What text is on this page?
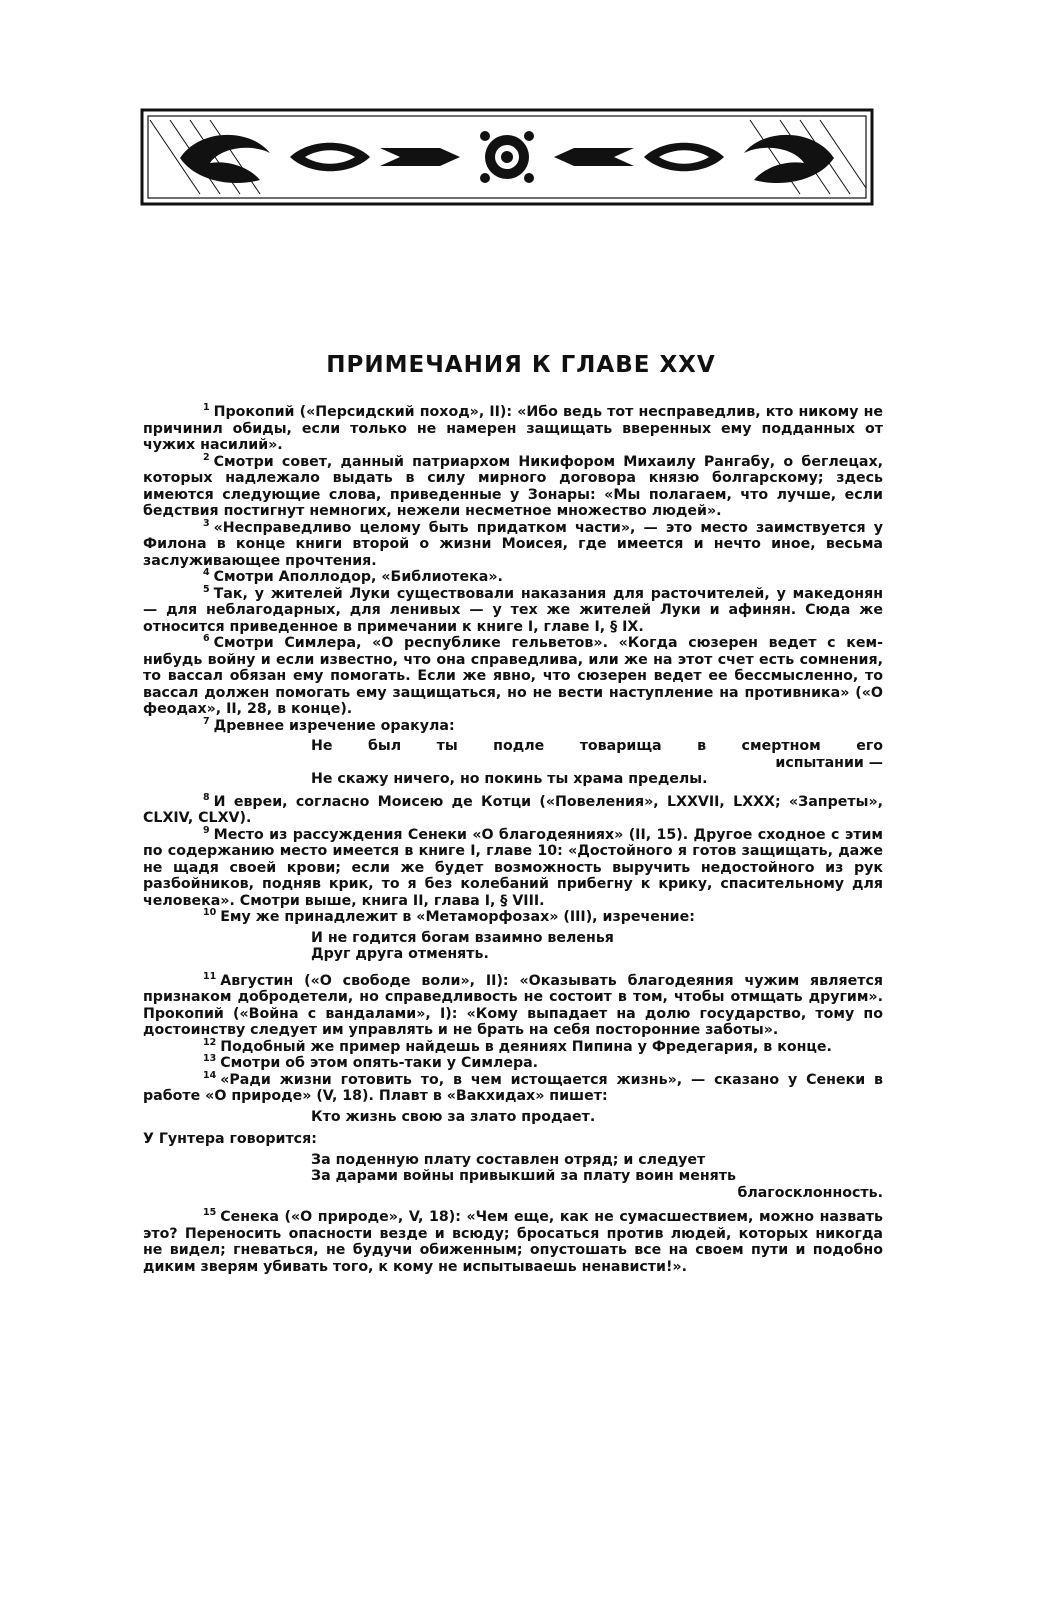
ПРИМЕЧАНИЯ К ГЛАВЕ XXV

$^1$ Прокопий («Персидский поход», II): «Ибо ведь тот несправедлив, кто никому не причинил обиды, если только не намерен защищать вверенных ему подданных от чужих насилий».

$^2$ Смотри совет, данный патриархом Никифором Михаилу Рангабу, о беглецах, которых надлежало выдать в силу мирного договора князю болгарскому; здесь имеются следующие слова, приведенные у Зонары: «Мы полагаем, что лучше, если бедствия постигнут немногих, нежели несметное множество людей».

$^3$ «Несправедливо целому быть придатком части», — это место заимствуется у Филона в конце книги второй о жизни Моисея, где имеется и нечто иное, весьма заслуживающее прочтения.

$^4$ Смотри Аполлодор, «Библиотека».

$^5$ Так, у жителей Луки существовали наказания для расточителей, у македонян — для неблагодарных, для ленивых — у тех же жителей Луки и афинян. Сюда же относится приведенное в примечании к книге I, главе I, § IX.

$^6$ Смотри Симлера, «О республике гельветов». «Когда сюзерен ведет с кем-нибудь войну и если известно, что она справедлива, или же на этот счет есть сомнения, то вассал обязан ему помогать. Если же явно, что сюзерен ведет ее бессмысленно, то вассал должен помогать ему защищаться, но не вести наступление на противника» («О феодах», II, 28, в конце).

$^7$ Древнее изречение оракула:

Не был ты подле товарища в смертном его
испытании —
Не скажу ничего, но покинь ты храма пределы.

$^8$ И евреи, согласно Моисею де Котци («Повеления», LXXVII, LXXX; «Запреты», CLXIV, CLXV).

$^9$ Место из рассуждения Сенеки «О благодеяниях» (II, 15). Другое сходное с этим по содержанию место имеется в книге I, главе 10: «Достойного я готов защищать, даже не щадя своей крови; если же будет возможность выручить недостойного из рук разбойников, подняв крик, то я без колебаний прибегну к крику, спасительному для человека». Смотри выше, книга II, глава I, § VIII.

$^{10}$ Ему же принадлежит в «Метаморфозах» (III), изречение:

И не годится богам взаимно веленья
Друг друга отменять.

$^{11}$ Августин («О свободе воли», II): «Оказывать благодеяния чужим является признаком добродетели, но справедливость не состоит в том, чтобы отмщать другим». Прокопий («Война с вандалами», I): «Кому выпадает на долю государство, тому по достоинству следует им управлять и не брать на себя посторонние заботы».

$^{12}$ Подобный же пример найдешь в деяниях Пипина у Фредегария, в конце.

$^{13}$ Смотри об этом опять-таки у Симлера.

$^{14}$ «Ради жизни готовить то, в чем истощается жизнь», — сказано у Сенеки в работе «О природе» (V, 18). Плавт в «Вакхидах» пишет:

Кто жизнь свою за злато продает.

У Гунтера говорится:

За поденную плату составлен отряд; и следует
За дарами войны привыкший за плату воин менять
благосклонность.

$^{15}$ Сенека («О природе», V, 18): «Чем еще, как не сумасшествием, можно назвать это? Переносить опасности везде и всюду; бросаться против людей, которых никогда не видел; гневаться, не будучи обиженным; опустошать все на своем пути и подобно диким зверям убивать того, к кому не испытываешь ненависти!».
